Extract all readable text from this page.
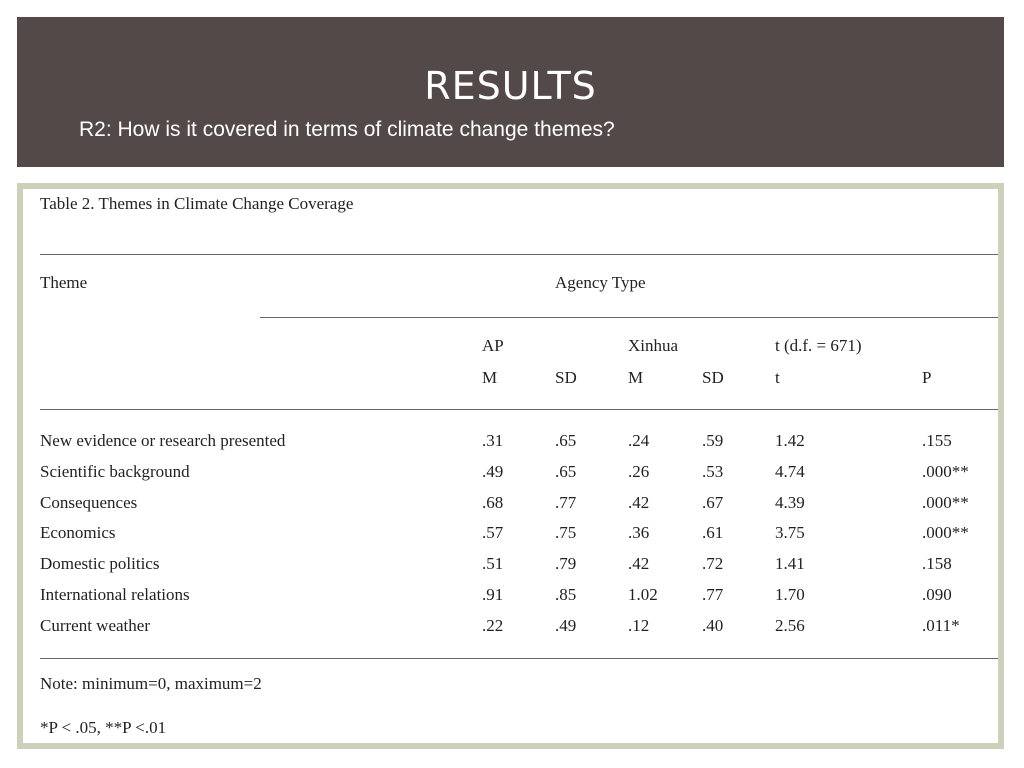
RESULTS
R2: How is it covered in terms of climate change themes?
Table 2. Themes in Climate Change Coverage
Theme	Agency Type
AP	Xinhua	t (d.f. = 671)
M	SD	M	SD	t	P
New evidence or research presented	.31	.65	.24	.59	1.42	.155
Scientific background	.49	.65	.26	.53	4.74	.000**
Consequences	.68	.77	.42	.67	4.39	.000**
Economics	.57	.75	.36	.61	3.75	.000**
Domestic politics	.51	.79	.42	.72	1.41	.158
International relations	.91	.85	1.02	.77	1.70	.090
Current weather	.22	.49	.12	.40	2.56	.011*
Note: minimum=0, maximum=2
*P < .05, **P <.01
